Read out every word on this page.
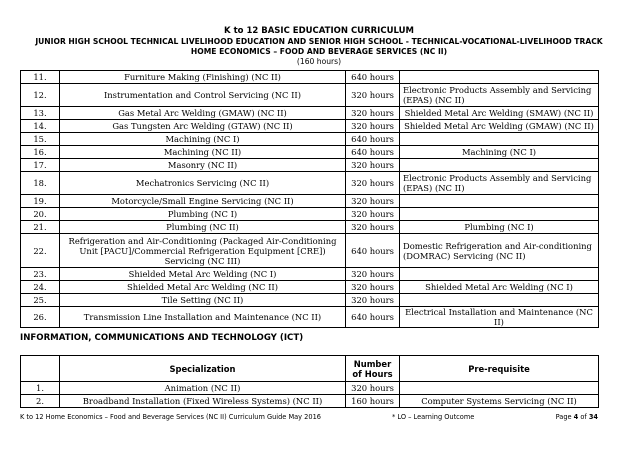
K to 12 BASIC EDUCATION CURRICULUM
JUNIOR HIGH SCHOOL TECHNICAL LIVELIHOOD EDUCATION AND SENIOR HIGH SCHOOL - TECHNICAL-VOCATIONAL-LIVELIHOOD TRACK
HOME ECONOMICS – FOOD AND BEVERAGE SERVICES (NC II)
(160 hours)
11.	Furniture Making (Finishing) (NC II)	640 hours	
12.	Instrumentation and Control Servicing (NC II)	320 hours	Electronic Products Assembly and Servicing (EPAS) (NC II)
13.	Gas Metal Arc Welding (GMAW) (NC II)	320 hours	Shielded Metal Arc Welding (SMAW) (NC II)
14.	Gas Tungsten Arc Welding (GTAW) (NC II)	320 hours	Shielded Metal Arc Welding (GMAW) (NC II)
15.	Machining (NC I)	640 hours	
16.	Machining (NC II)	640 hours	Machining (NC I)
17.	Masonry (NC II)	320 hours	
18.	Mechatronics Servicing (NC II)	320 hours	Electronic Products Assembly and Servicing (EPAS) (NC II)
19.	Motorcycle/Small Engine Servicing (NC II)	320 hours	
20.	Plumbing (NC I)	320 hours	
21.	Plumbing (NC II)	320 hours	Plumbing (NC I)
22.	Refrigeration and Air-Conditioning (Packaged Air-Conditioning Unit [PACU]/Commercial Refrigeration Equipment [CRE]) Servicing (NC III)	640 hours	Domestic Refrigeration and Air-conditioning (DOMRAC) Servicing (NC II)
23.	Shielded Metal Arc Welding (NC I)	320 hours	
24.	Shielded Metal Arc Welding (NC II)	320 hours	Shielded Metal Arc Welding (NC I)
25.	Tile Setting (NC II)	320 hours	
26.	Transmission Line Installation and Maintenance (NC II)	640 hours	Electrical Installation and Maintenance (NC II)
INFORMATION, COMMUNICATIONS AND TECHNOLOGY (ICT)
	Specialization	Number of Hours	Pre-requisite
1.	Animation (NC II)	320 hours	
2.	Broadband Installation (Fixed Wireless Systems) (NC II)	160 hours	Computer Systems Servicing (NC II)
K to 12 Home Economics – Food and Beverage Services (NC II) Curriculum Guide May 2016	* LO – Learning Outcome	Page 4 of 34
